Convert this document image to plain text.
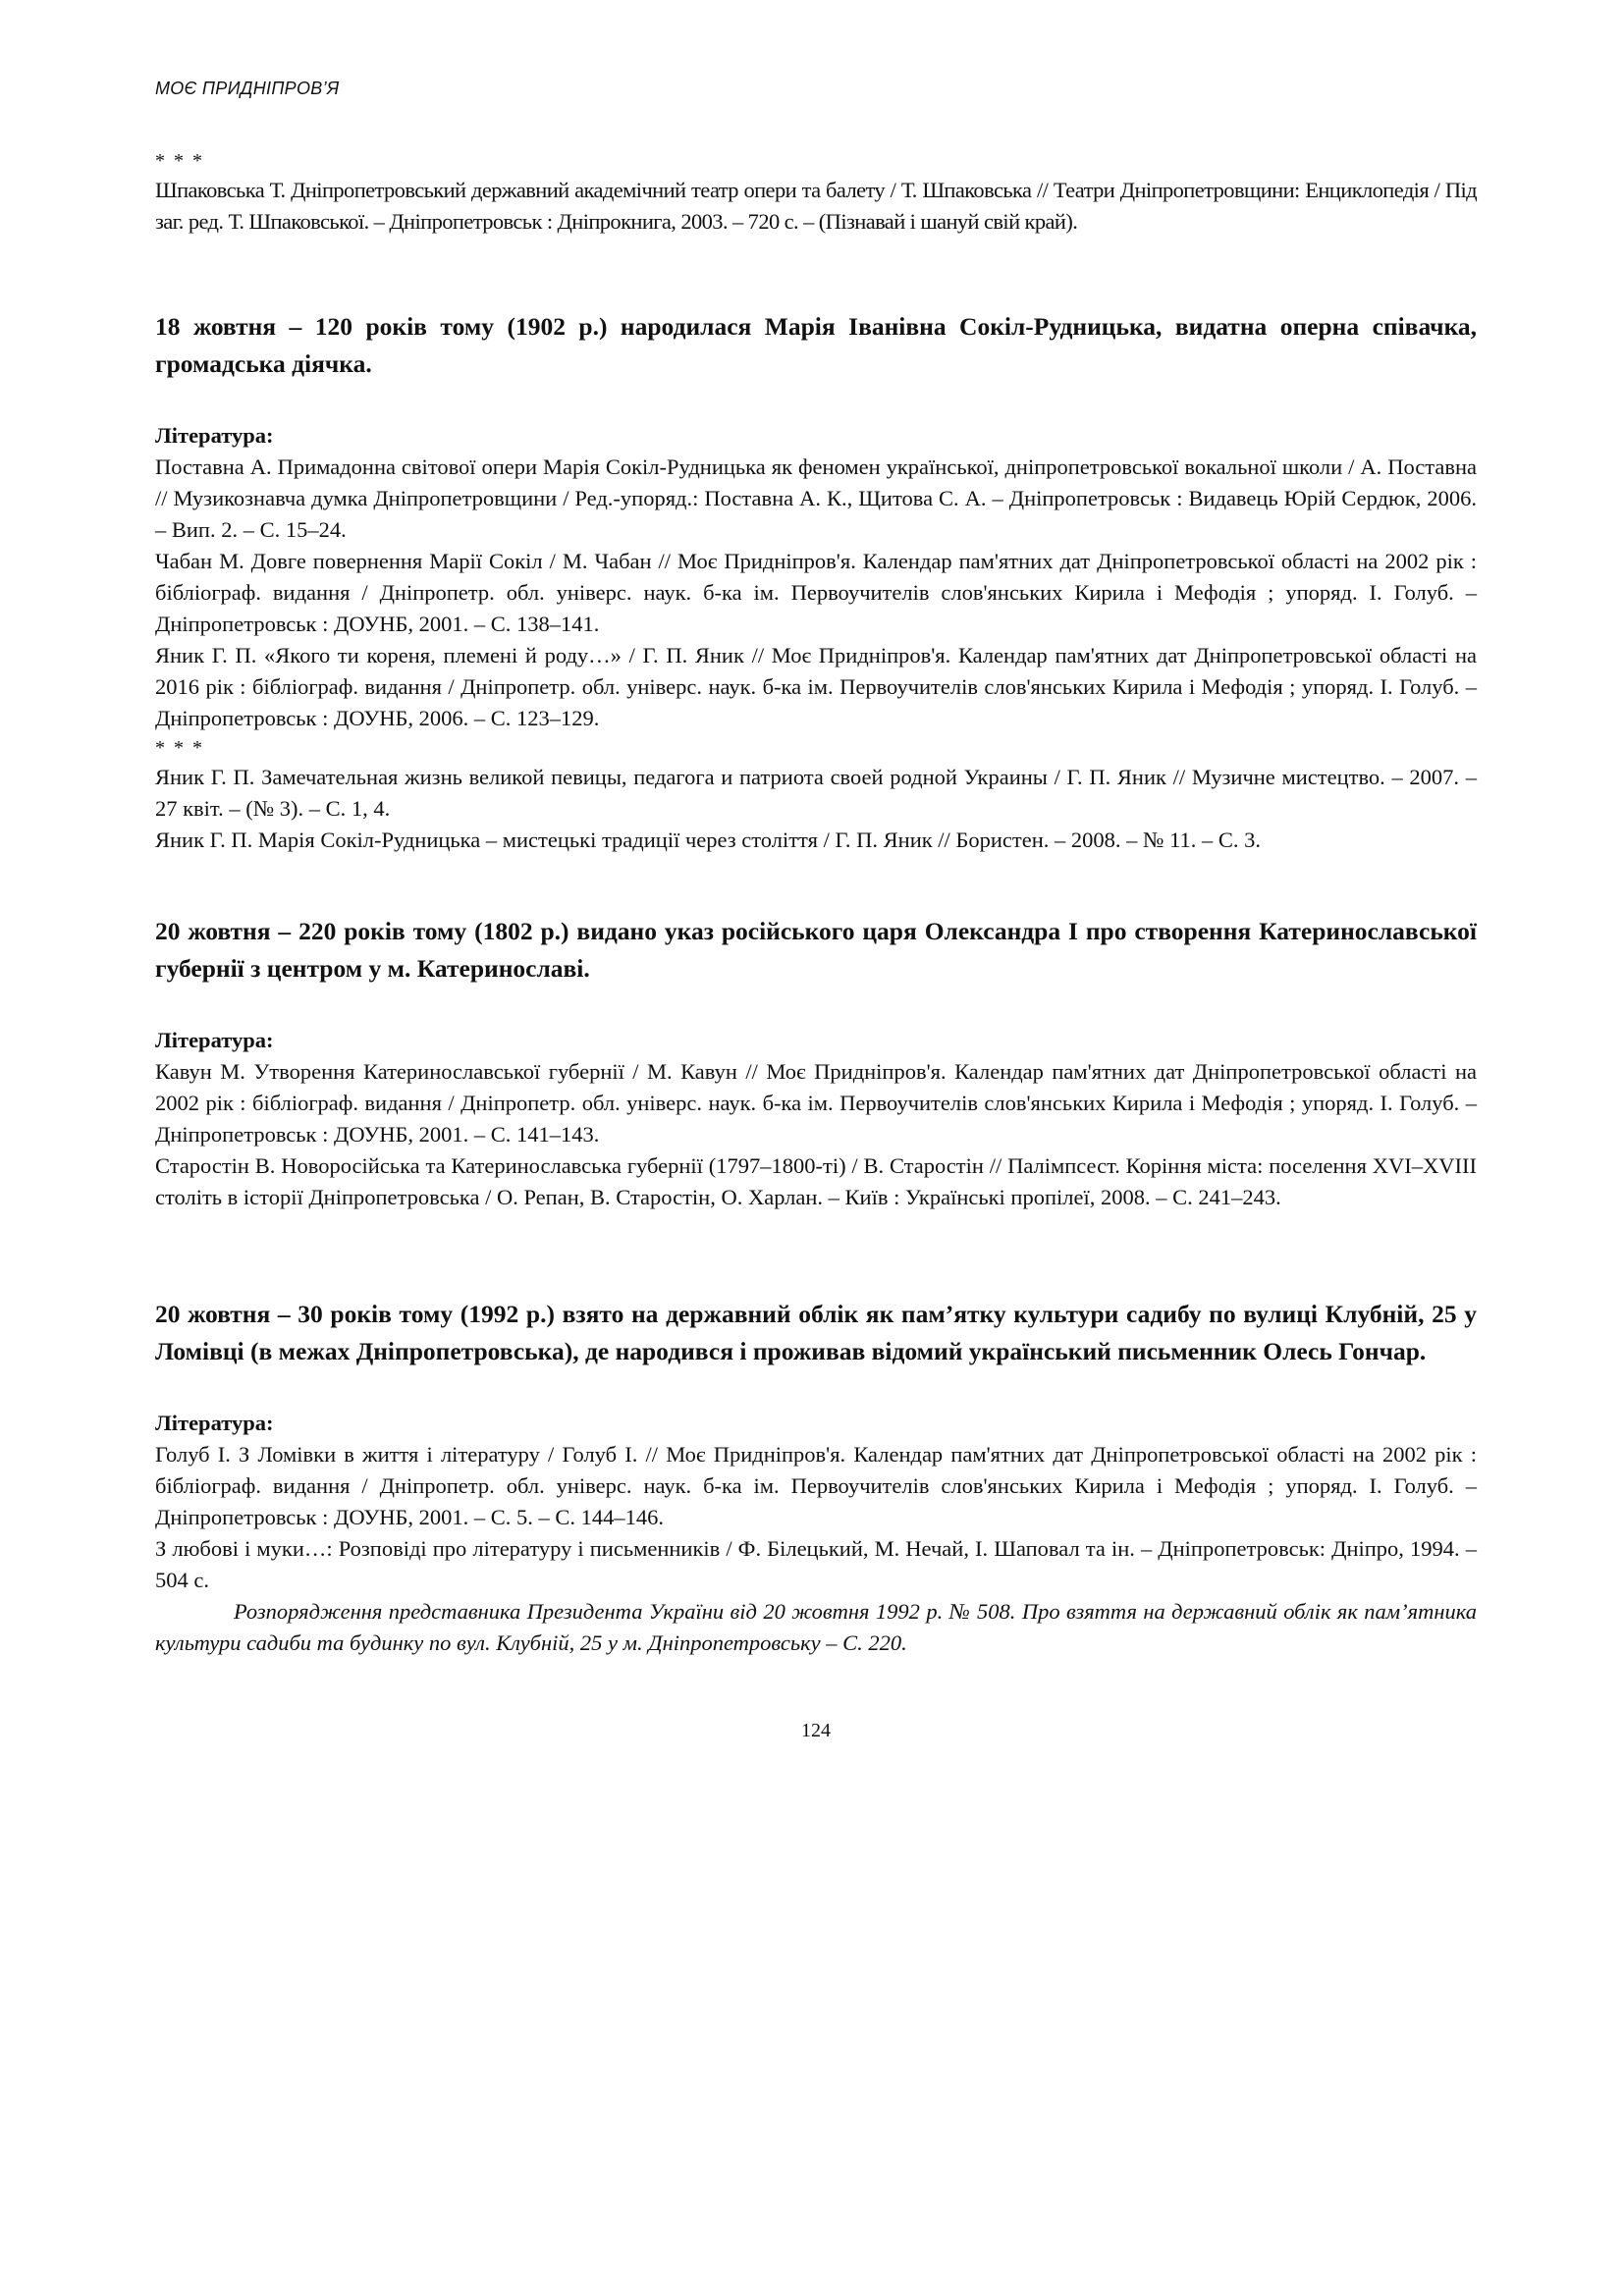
МОЄ ПРИДНІПРОВ’Я
* * *

Шпаковська Т. Дніпропетровський державний академічний театр опери та балету / Т. Шпаковська // Театри Дніпропетровщини: Енциклопедія / Під заг. ред. Т. Шпаковської. – Дніпропетровськ : Дніпрокнига, 2003. – 720 с. – (Пізнавай і шануй свій край).

18 жовтня – 120 років тому (1902 р.) народилася Марія Іванівна Сокіл-Рудницька, видатна оперна співачка, громадська діячка.

Література:

Поставна А. Примадонна світової опери Марія Сокіл-Рудницька як феномен української, дніпропетровської вокальної школи / А. Поставна // Музикознавча думка Дніпропетровщини / Ред.-упоряд.: Поставна А. К., Щитова С. А. – Дніпропетровськ : Видавець Юрій Сердюк, 2006. – Вип. 2. – С. 15–24.

Чабан М. Довге повернення Марії Сокіл / М. Чабан // Моє Придніпров'я. Календар пам'ятних дат Дніпропетровської області на 2002 рік : бібліограф. видання / Дніпропетр. обл. універс. наук. б-ка ім. Первоучителів слов'янських Кирила і Мефодія ; упоряд. І. Голуб. – Дніпропетровськ : ДОУНБ, 2001. – С. 138–141.

Яник Г. П. «Якого ти кореня, племені й роду…» / Г. П. Яник // Моє Придніпров'я. Календар пам'ятних дат Дніпропетровської області на 2016 рік : бібліограф. видання / Дніпропетр. обл. універс. наук. б-ка ім. Первоучителів слов'янських Кирила і Мефодія ; упоряд. І. Голуб. – Дніпропетровськ : ДОУНБ, 2006. – С. 123–129.

* * *

Яник Г. П. Замечательная жизнь великой певицы, педагога и патриота своей родной Украины / Г. П. Яник // Музичне мистецтво. – 2007. – 27 квіт. – (№ 3). – С. 1, 4.

Яник Г. П. Марія Сокіл-Рудницька – мистецькі традиції через століття / Г. П. Яник // Бористен. – 2008. – № 11. – С. 3.

20 жовтня – 220 років тому (1802 р.) видано указ російського царя Олександра I про створення Катеринославської губернії з центром у м. Катеринославі.

Література:

Кавун М. Утворення Катеринославської губернії / М. Кавун // Моє Придніпров'я. Календар пам'ятних дат Дніпропетровської області на 2002 рік : бібліограф. видання / Дніпропетр. обл. універс. наук. б-ка ім. Первоучителів слов'янських Кирила і Мефодія ; упоряд. І. Голуб. – Дніпропетровськ : ДОУНБ, 2001. – С. 141–143.

Старостін В. Новоросійська та Катеринославська губернії (1797–1800-ті) / В. Старостін // Палімпсест. Коріння міста: поселення XVI–XVIII століть в історії Дніпропетровська / О. Репан, В. Старостін, О. Харлан. – Київ : Українські пропілеї, 2008. – С. 241–243.

20 жовтня – 30 років тому (1992 р.) взято на державний облік як пам’ятку культури садибу по вулиці Клубній, 25 у Ломівці (в межах Дніпропетровська), де народився і проживав відомий український письменник Олесь Гончар.

Література:

Голуб І. З Ломівки в життя і літературу / Голуб І. // Моє Придніпров'я. Календар пам'ятних дат Дніпропетровської області на 2002 рік : бібліограф. видання / Дніпропетр. обл. універс. наук. б-ка ім. Первоучителів слов'янських Кирила і Мефодія ; упоряд. І. Голуб. – Дніпропетровськ : ДОУНБ, 2001. – С. 5. – С. 144–146.

З любові і муки…: Розповіді про літературу і письменників / Ф. Білецький, М. Нечай, І. Шаповал та ін. – Дніпропетровськ: Дніпро, 1994. – 504 с.

Розпорядження представника Президента України від 20 жовтня 1992 р. № 508. Про взяття на державний облік як пам’ятника культури садиби та будинку по вул. Клубній, 25 у м. Дніпропетровську – С. 220.

124
